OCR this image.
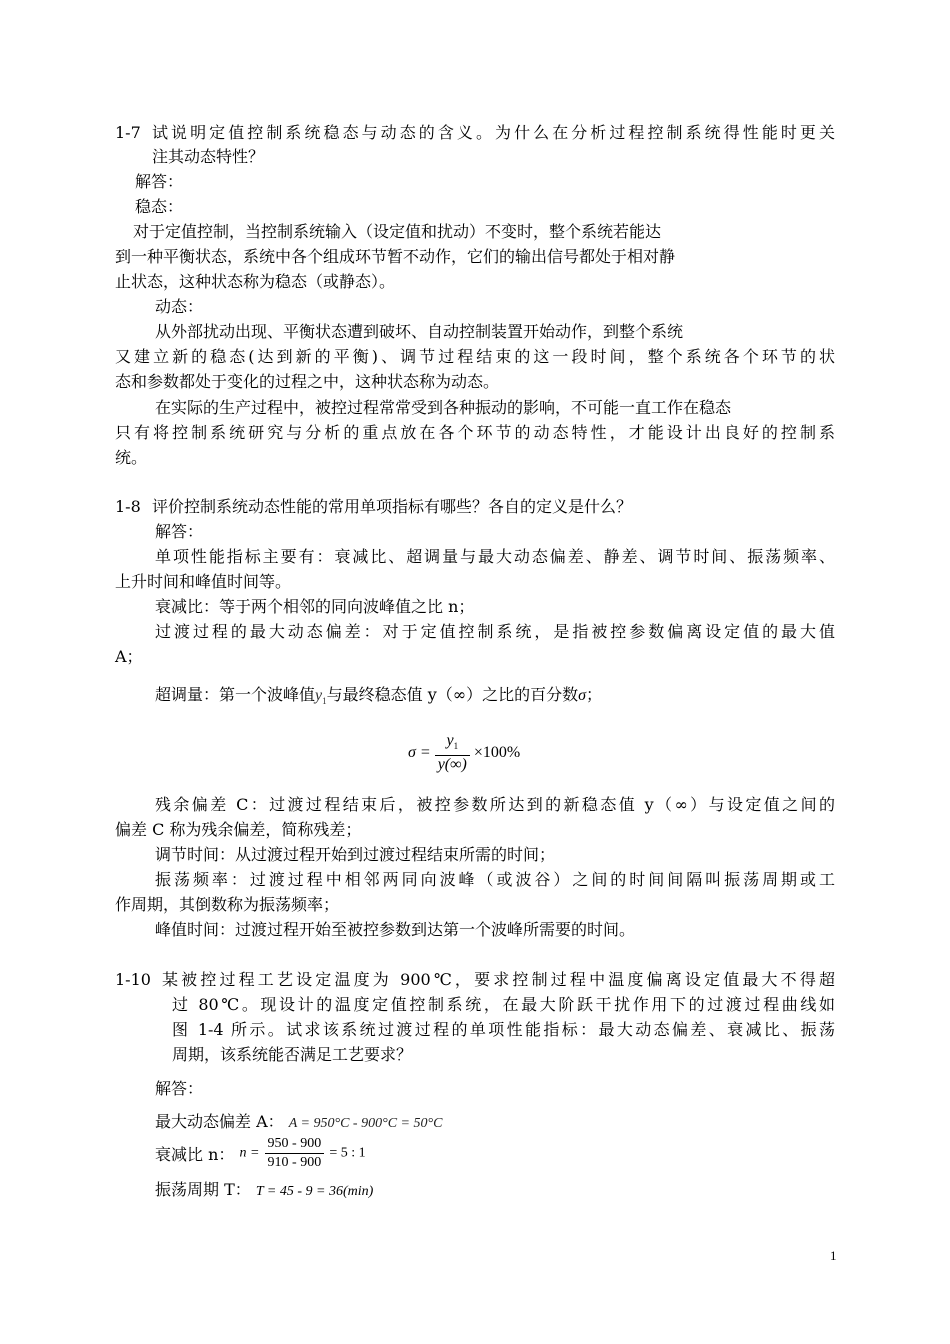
1-7 试说明定值控制系统稳态与动态的含义。为什么在分析过程控制系统得性能时更关
注其动态特性？
解答：
稳态：
对于定值控制，当控制系统输入（设定值和扰动）不变时，整个系统若能达
到一种平衡状态，系统中各个组成环节暂不动作，它们的输出信号都处于相对静
止状态，这种状态称为稳态（或静态）。
动态：
从外部扰动出现、平衡状态遭到破坏、自动控制装置开始动作，到整个系统
又建立新的稳态(达到新的平衡)、调节过程结束的这一段时间，整个系统各个环节的状
态和参数都处于变化的过程之中，这种状态称为动态。
在实际的生产过程中，被控过程常常受到各种振动的影响，不可能一直工作在稳态
只有将控制系统研究与分析的重点放在各个环节的动态特性，才能设计出良好的控制系
统。
1-8 评价控制系统动态性能的常用单项指标有哪些？各自的定义是什么？
解答：
单项性能指标主要有：衰减比、超调量与最大动态偏差、静差、调节时间、振荡频率、
上升时间和峰值时间等。
衰减比：等于两个相邻的同向波峰值之比 n；
过渡过程的最大动态偏差：对于定值控制系统，是指被控参数偏离设定值的最大值
A；
超调量：第一个波峰值$y_1$与最终稳态值 y（∞）之比的百分数σ；
$\sigma = \frac{y_1}{y(\infty)} \times 100\%$
残余偏差 C：过渡过程结束后，被控参数所达到的新稳态值 y（∞）与设定值之间的
偏差 C 称为残余偏差，简称残差；
调节时间：从过渡过程开始到过渡过程结束所需的时间；
振荡频率：过渡过程中相邻两同向波峰（或波谷）之间的时间间隔叫振荡周期或工
作周期，其倒数称为振荡频率；
峰值时间：过渡过程开始至被控参数到达第一个波峰所需要的时间。
1-10 某被控过程工艺设定温度为 900℃，要求控制过程中温度偏离设定值最大不得超
过 80℃。现设计的温度定值控制系统，在最大阶跃干扰作用下的过渡过程曲线如
图 1-4 所示。试求该系统过渡过程的单项性能指标：最大动态偏差、衰减比、振荡
周期，该系统能否满足工艺要求？
解答：
最大动态偏差 A： A = 950°C - 900°C = 50°C
衰减比 n： $n = \frac{950 - 900}{910 - 900} = 5$ : 1
振荡周期 T： T = 45 - 9 = 36(min)
1
